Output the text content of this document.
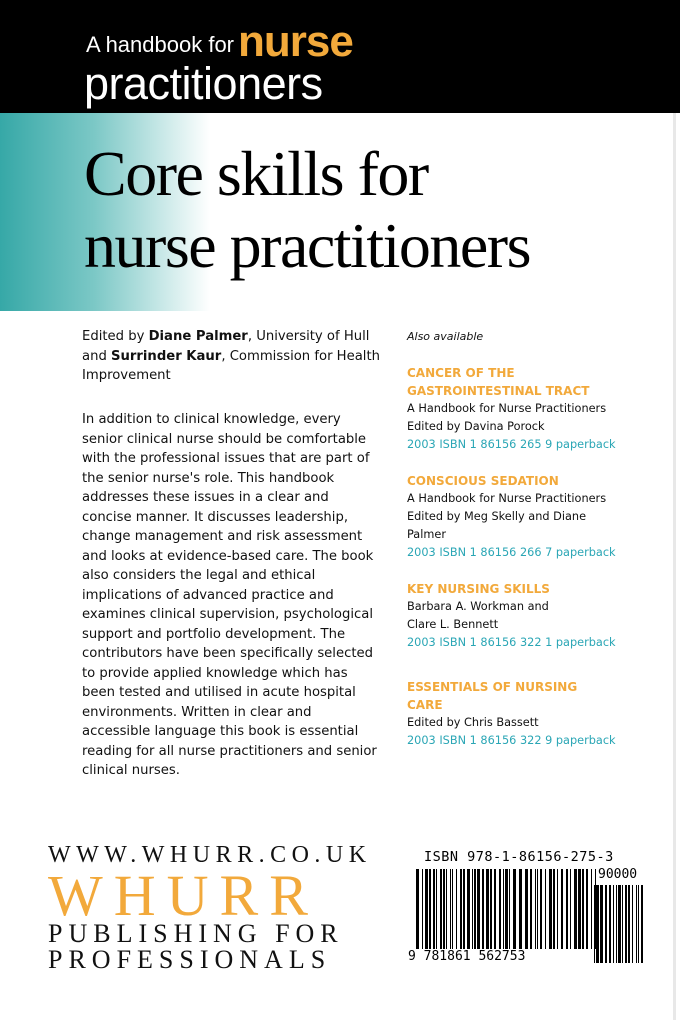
A handbook fornurse
practitioners
Core skills for
nurse practitioners
Edited by Diane Palmer, University of Hull and Surrinder Kaur, Commission for Health Improvement
In addition to clinical knowledge, every senior clinical nurse should be comfortable with the professional issues that are part of the senior nurse's role. This handbook addresses these issues in a clear and concise manner. It discusses leadership, change management and risk assessment and looks at evidence-based care. The book also considers the legal and ethical implications of advanced practice and examines clinical supervision, psychological support and portfolio development. The contributors have been specifically selected to provide applied knowledge which has been tested and utilised in acute hospital environments. Written in clear and accessible language this book is essential reading for all nurse practitioners and senior clinical nurses.
Also available
CANCER OF THE
GASTROINTESTINAL TRACT
A Handbook for Nurse Practitioners
Edited by Davina Porock
2003 ISBN 1 86156 265 9 paperback
CONSCIOUS SEDATION
A Handbook for Nurse Practitioners
Edited by Meg Skelly and Diane
Palmer
2003 ISBN 1 86156 266 7 paperback
KEY NURSING SKILLS
Barbara A. Workman and
Clare L. Bennett
2003 ISBN 1 86156 322 1 paperback
ESSENTIALS OF NURSING
CARE
Edited by Chris Bassett
2003 ISBN 1 86156 322 9 paperback
WWW.WHURR.CO.UK
WHURR
PUBLISHING FOR
PROFESSIONALS
ISBN 978-1-86156-275-3
90000
9 781861 562753
